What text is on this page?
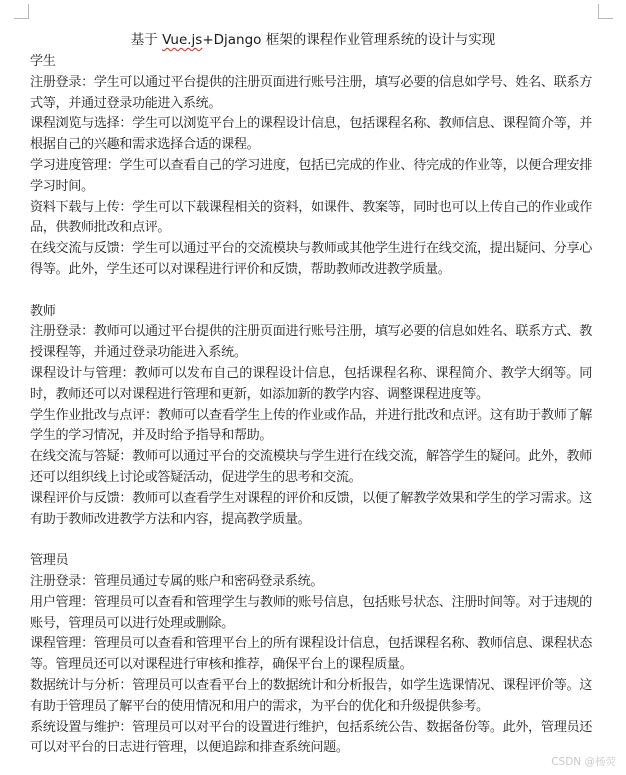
基于 Vue.js+Django 框架的课程作业管理系统的设计与实现

学生

注册登录：学生可以通过平台提供的注册页面进行账号注册，填写必要的信息如学号、姓名、联系方式等，并通过登录功能进入系统。

课程浏览与选择：学生可以浏览平台上的课程设计信息，包括课程名称、教师信息、课程简介等，并根据自己的兴趣和需求选择合适的课程。

学习进度管理：学生可以查看自己的学习进度，包括已完成的作业、待完成的作业等，以便合理安排学习时间。

资料下载与上传：学生可以下载课程相关的资料，如课件、教案等，同时也可以上传自己的作业或作品，供教师批改和点评。

在线交流与反馈：学生可以通过平台的交流模块与教师或其他学生进行在线交流，提出疑问、分享心得等。此外，学生还可以对课程进行评价和反馈，帮助教师改进教学质量。

教师

注册登录：教师可以通过平台提供的注册页面进行账号注册，填写必要的信息如姓名、联系方式、教授课程等，并通过登录功能进入系统。

课程设计与管理：教师可以发布自己的课程设计信息，包括课程名称、课程简介、教学大纲等。同时，教师还可以对课程进行管理和更新，如添加新的教学内容、调整课程进度等。

学生作业批改与点评：教师可以查看学生上传的作业或作品，并进行批改和点评。这有助于教师了解学生的学习情况，并及时给予指导和帮助。

在线交流与答疑：教师可以通过平台的交流模块与学生进行在线交流，解答学生的疑问。此外，教师还可以组织线上讨论或答疑活动，促进学生的思考和交流。

课程评价与反馈：教师可以查看学生对课程的评价和反馈，以便了解教学效果和学生的学习需求。这有助于教师改进教学方法和内容，提高教学质量。

管理员

注册登录：管理员通过专属的账户和密码登录系统。

用户管理：管理员可以查看和管理学生与教师的账号信息，包括账号状态、注册时间等。对于违规的账号，管理员可以进行处理或删除。

课程管理：管理员可以查看和管理平台上的所有课程设计信息，包括课程名称、教师信息、课程状态等。管理员还可以对课程进行审核和推荐，确保平台上的课程质量。

数据统计与分析：管理员可以查看平台上的数据统计和分析报告，如学生选课情况、课程评价等。这有助于管理员了解平台的使用情况和用户的需求，为平台的优化和升级提供参考。

系统设置与维护：管理员可以对平台的设置进行维护，包括系统公告、数据备份等。此外，管理员还可以对平台的日志进行管理，以便追踪和排查系统问题。

CSDN @杨荧
